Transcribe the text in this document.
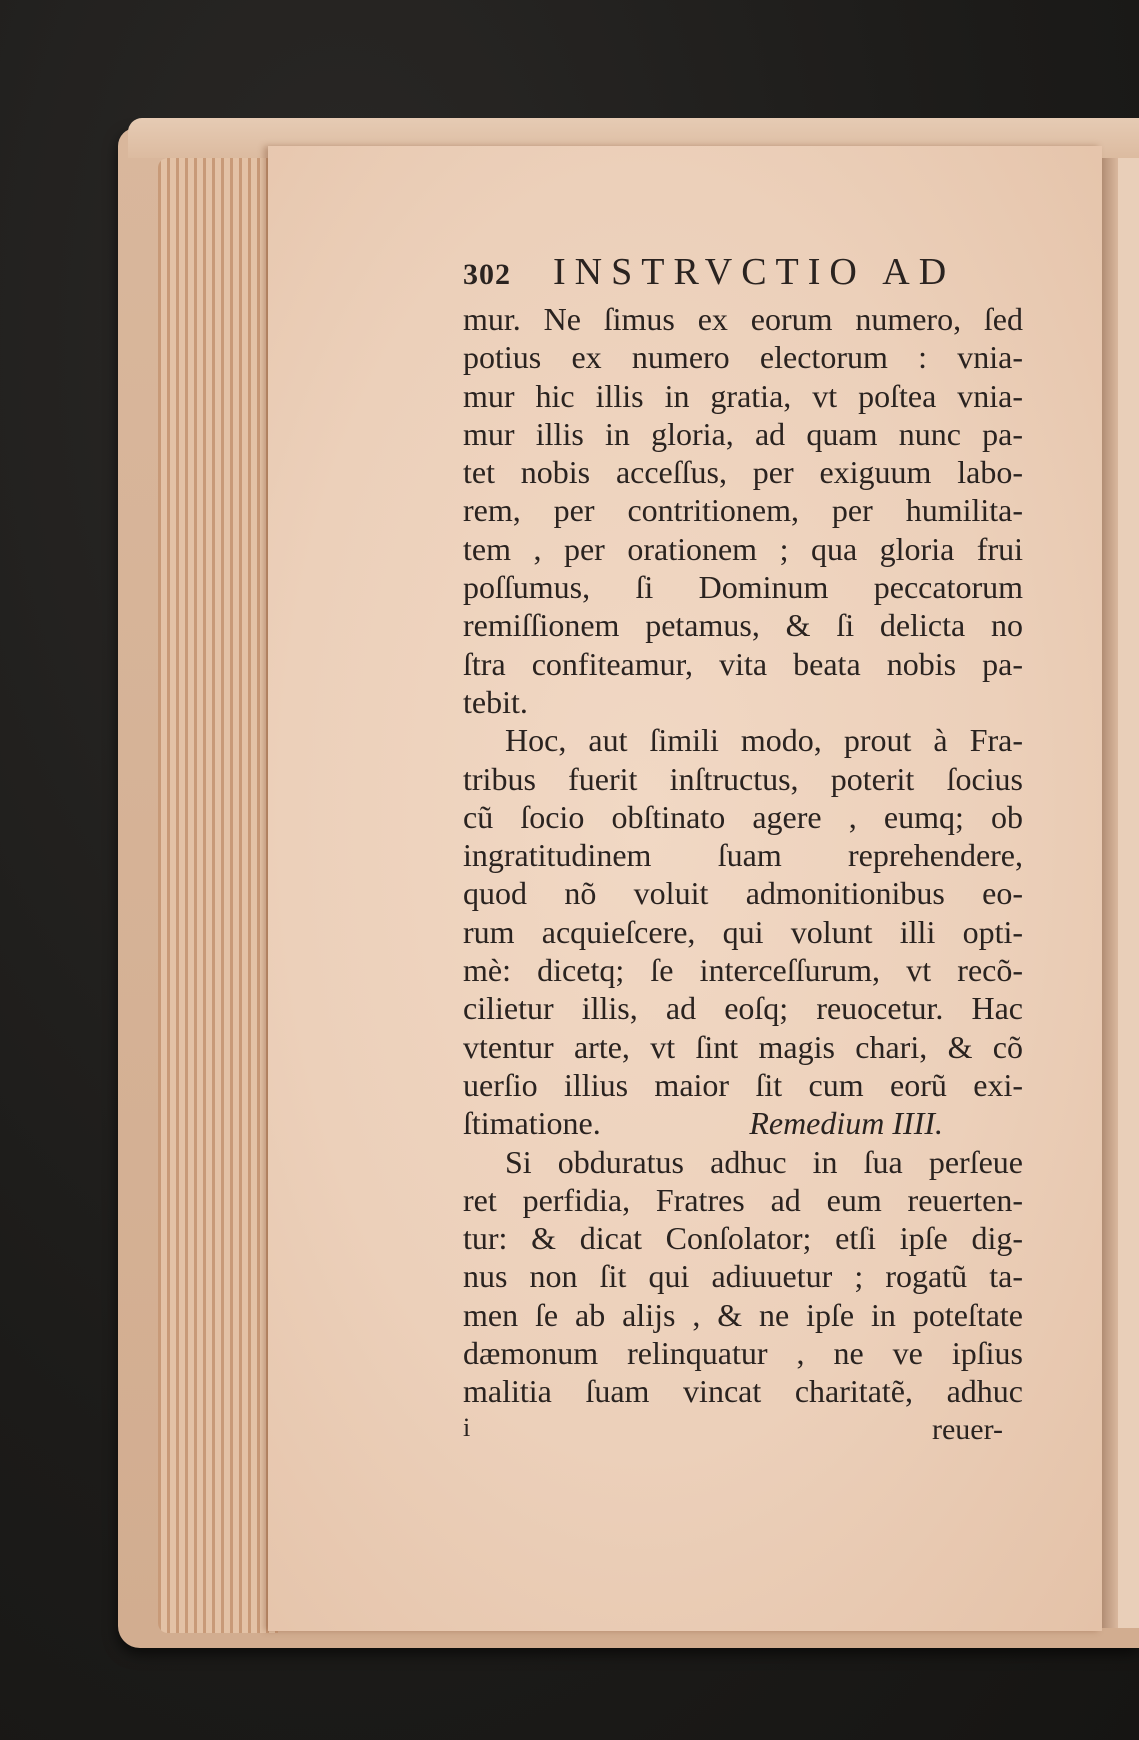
302	INSTRVCTIO AD
mur. Ne ſimus ex eorum numero, ſed
potius ex numero electorum : vnia-
mur hic illis in gratia, vt poſtea vnia-
mur illis in gloria, ad quam nunc pa-
tet nobis acceſſus, per exiguum labo-
rem, per contritionem, per humilita-
tem , per orationem ; qua gloria frui
poſſumus, ſi Dominum peccatorum
remiſſionem petamus, & ſi delicta no
ſtra confiteamur, vita beata nobis pa-
tebit.
Hoc, aut ſimili modo, prout à Fra-
tribus fuerit inſtructus, poterit ſocius
cũ ſocio obſtinato agere , eumq; ob
ingratitudinem ſuam reprehendere,
quod nõ voluit admonitionibus eo-
rum acquieſcere, qui volunt illi opti-
mè: dicetq; ſe interceſſurum, vt recõ-
cilietur illis, ad eoſq; reuocetur. Hac
vtentur arte, vt ſint magis chari, & cõ
uerſio illius maior ſit cum eorũ exi-
ſtimatione.	Remedium IIII.
Si obduratus adhuc in ſua perſeue
ret perfidia, Fratres ad eum reuerten-
tur: & dicat Conſolator; etſi ipſe dig-
nus non ſit qui adiuuetur ; rogatũ ta-
men ſe ab alijs , & ne ipſe in poteſtate
dæmonum relinquatur , ne ve ipſius
malitia ſuam vincat charitatẽ, adhuc
i	reuer-
